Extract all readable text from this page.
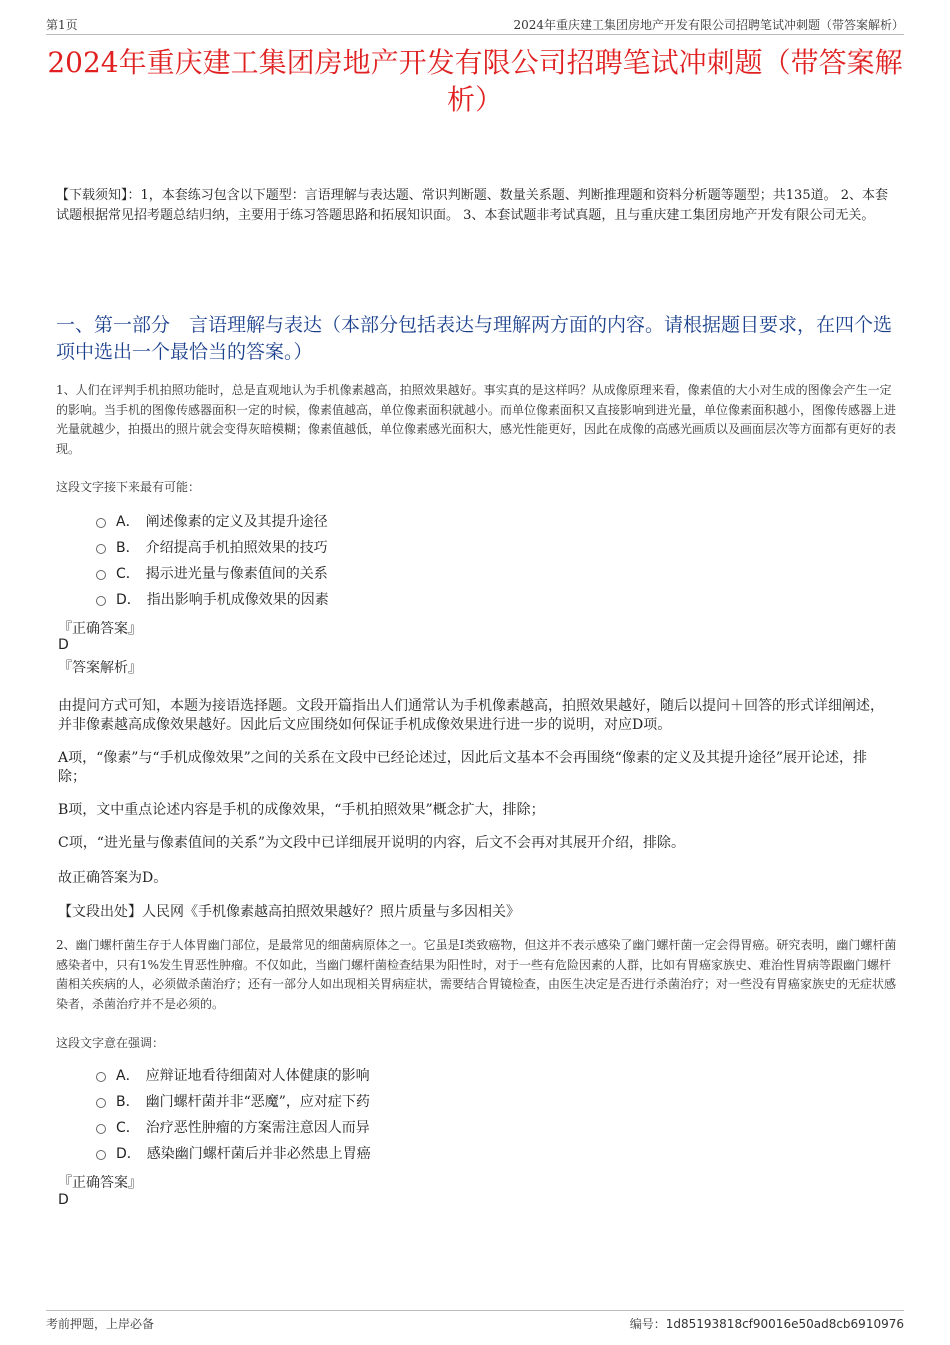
第1页	2024年重庆建工集团房地产开发有限公司招聘笔试冲刺题（带答案解析）
2024年重庆建工集团房地产开发有限公司招聘笔试冲刺题（带答案解析）
【下载须知】：1，本套练习包含以下题型：言语理解与表达题、常识判断题、数量关系题、判断推理题和资料分析题等题型；共135道。 2、本套试题根据常见招考题总结归纳，主要用于练习答题思路和拓展知识面。 3、本套试题非考试真题，且与重庆建工集团房地产开发有限公司无关。
一、第一部分　言语理解与表达（本部分包括表达与理解两方面的内容。请根据题目要求，在四个选项中选出一个最恰当的答案。）
1、人们在评判手机拍照功能时，总是直观地认为手机像素越高，拍照效果越好。事实真的是这样吗？从成像原理来看，像素值的大小对生成的图像会产生一定的影响。当手机的图像传感器面积一定的时候，像素值越高，单位像素面积就越小。而单位像素面积又直接影响到进光量，单位像素面积越小，图像传感器上进光量就越少，拍摄出的照片就会变得灰暗模糊；像素值越低，单位像素感光面积大，感光性能更好，因此在成像的高感光画质以及画面层次等方面都有更好的表现。
这段文字接下来最有可能：
A． 阐述像素的定义及其提升途径
B． 介绍提高手机拍照效果的技巧
C． 揭示进光量与像素值间的关系
D． 指出影响手机成像效果的因素
『正确答案』
D
『答案解析』
由提问方式可知，本题为接语选择题。文段开篇指出人们通常认为手机像素越高，拍照效果越好，随后以提问＋回答的形式详细阐述，并非像素越高成像效果越好。因此后文应围绕如何保证手机成像效果进行进一步的说明，对应D项。
A项，“像素”与“手机成像效果”之间的关系在文段中已经论述过，因此后文基本不会再围绕“像素的定义及其提升途径”展开论述，排除；
B项，文中重点论述内容是手机的成像效果，“手机拍照效果”概念扩大，排除；
C项，“进光量与像素值间的关系”为文段中已详细展开说明的内容，后文不会再对其展开介绍，排除。
故正确答案为D。
【文段出处】人民网《手机像素越高拍照效果越好？照片质量与多因相关》
2、幽门螺杆菌生存于人体胃幽门部位，是最常见的细菌病原体之一。它虽是I类致癌物，但这并不表示感染了幽门螺杆菌一定会得胃癌。研究表明，幽门螺杆菌感染者中，只有1%发生胃恶性肿瘤。不仅如此，当幽门螺杆菌检查结果为阳性时，对于一些有危险因素的人群，比如有胃癌家族史、难治性胃病等跟幽门螺杆菌相关疾病的人，必须做杀菌治疗；还有一部分人如出现相关胃病症状，需要结合胃镜检查，由医生决定是否进行杀菌治疗；对一些没有胃癌家族史的无症状感染者，杀菌治疗并不是必须的。
这段文字意在强调：
A． 应辩证地看待细菌对人体健康的影响
B． 幽门螺杆菌并非“恶魔”，应对症下药
C． 治疗恶性肿瘤的方案需注意因人而异
D． 感染幽门螺杆菌后并非必然患上胃癌
『正确答案』
D
考前押题，上岸必备	编号：1d85193818cf90016e50ad8cb6910976
